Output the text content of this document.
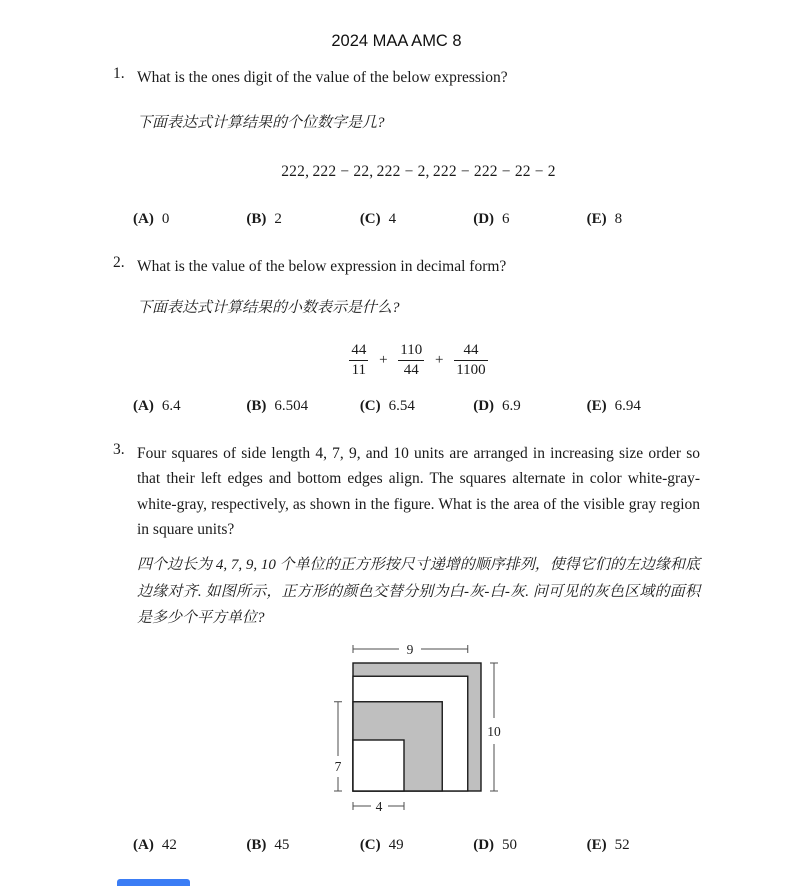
2024 MAA AMC 8
1. What is the ones digit of the value of the below expression?
下面表达式计算结果的个位数字是几?
222, 222 − 22, 222 − 2, 222 − 222 − 22 − 2
(A) 0	(B) 2	(C) 4	(D) 6	(E) 8
2. What is the value of the below expression in decimal form?
下面表达式计算结果的小数表示是什么?
$\frac{44}{11} + \frac{110}{44} + \frac{44}{1100}$
(A) 6.4	(B) 6.504	(C) 6.54	(D) 6.9	(E) 6.94
3. Four squares of side length 4, 7, 9, and 10 units are arranged in increasing size order so that their left edges and bottom edges align. The squares alternate in color white-gray-white-gray, respectively, as shown in the figure. What is the area of the visible gray region in square units?
四个边长为 4, 7, 9, 10 个单位的正方形按尺寸递增的顺序排列，使得它们的左边缘和底边缘对齐. 如图所示，正方形的颜色交替分别为白-灰-白-灰. 问可见的灰色区域的面积是多少个平方单位?
9
10
7
4
(A) 42	(B) 45	(C) 49	(D) 50	(E) 52
